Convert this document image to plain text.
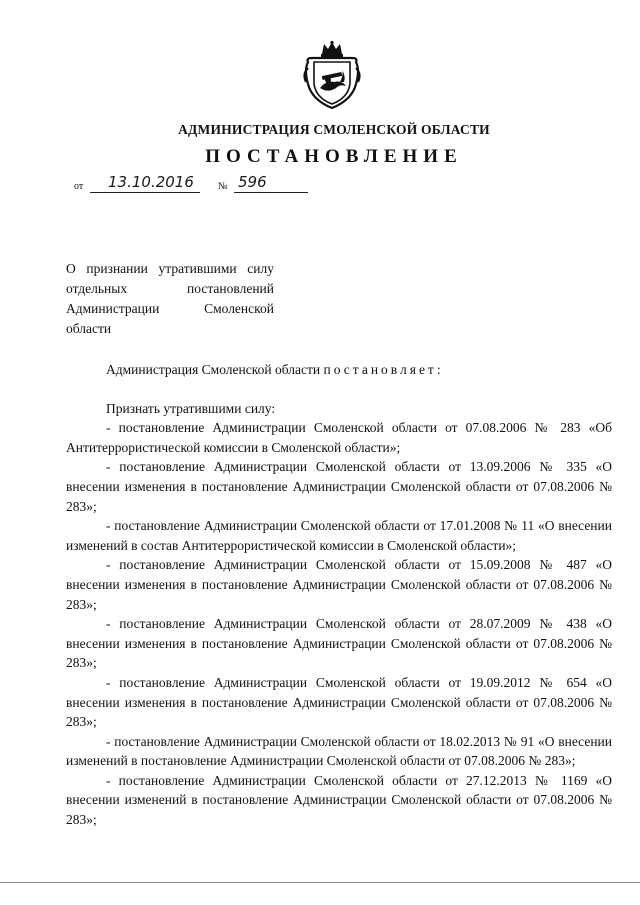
АДМИНИСТРАЦИЯ СМОЛЕНСКОЙ ОБЛАСТИ
ПОСТАНОВЛЕНИЕ
от 13.10.2016 № 596
О признании утратившими силу
отдельных постановлений
Администрации Смоленской
области

Администрация Смоленской области постановляет:

Признать утратившими силу:

- постановление Администрации Смоленской области от 07.08.2006 № 283 «Об Антитеррористической комиссии в Смоленской области»;

- постановление Администрации Смоленской области от 13.09.2006 № 335 «О внесении изменения в постановление Администрации Смоленской области от 07.08.2006 № 283»;

- постановление Администрации Смоленской области от 17.01.2008 № 11 «О внесении изменений в состав Антитеррористической комиссии в Смоленской области»;

- постановление Администрации Смоленской области от 15.09.2008 № 487 «О внесении изменения в постановление Администрации Смоленской области от 07.08.2006 № 283»;

- постановление Администрации Смоленской области от 28.07.2009 № 438 «О внесении изменения в постановление Администрации Смоленской области от 07.08.2006 № 283»;

- постановление Администрации Смоленской области от 19.09.2012 № 654 «О внесении изменения в постановление Администрации Смоленской области от 07.08.2006 № 283»;

- постановление Администрации Смоленской области от 18.02.2013 № 91 «О внесении изменений в постановление Администрации Смоленской области от 07.08.2006 № 283»;

- постановление Администрации Смоленской области от 27.12.2013 № 1169 «О внесении изменений в постановление Администрации Смоленской области от 07.08.2006 № 283»;
